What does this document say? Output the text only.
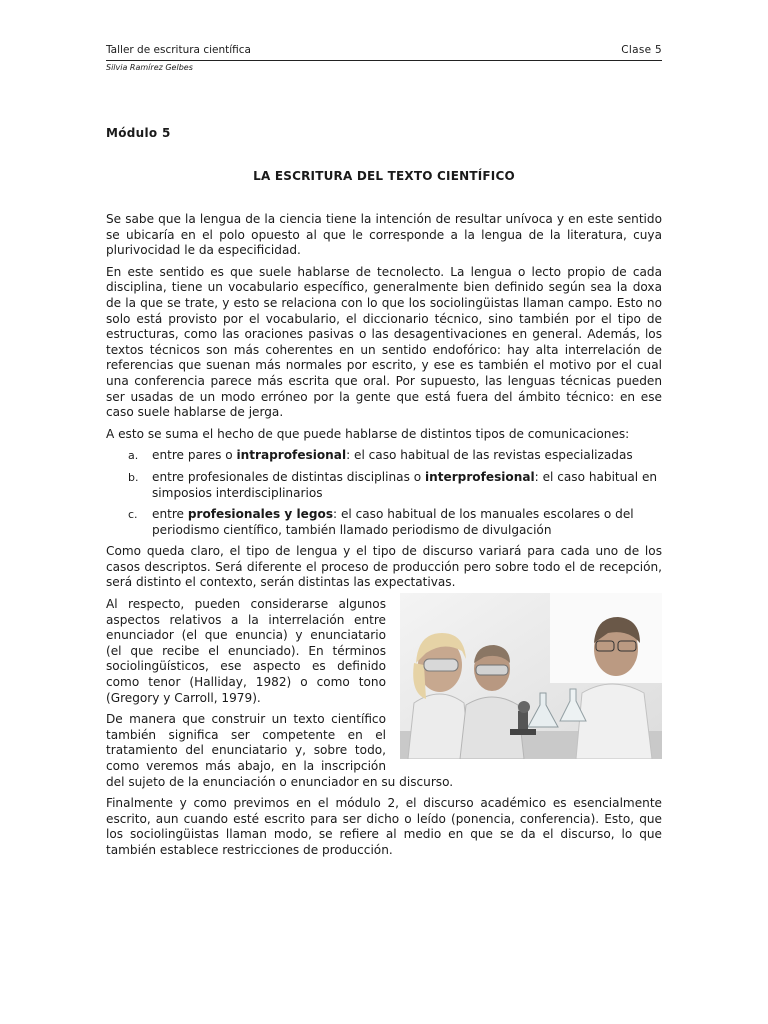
Taller de escritura científica	Clase 5
Silvia Ramírez Gelbes
Módulo 5
LA ESCRITURA DEL TEXTO CIENTÍFICO

Se sabe que la lengua de la ciencia tiene la intención de resultar unívoca y en este sentido se ubicaría en el polo opuesto al que le corresponde a la lengua de la literatura, cuya plurivocidad le da especificidad.

En este sentido es que suele hablarse de tecnolecto. La lengua o lecto propio de cada disciplina, tiene un vocabulario específico, generalmente bien definido según sea la doxa de la que se trate, y esto se relaciona con lo que los sociolingüistas llaman campo. Esto no solo está provisto por el vocabulario, el diccionario técnico, sino también por el tipo de estructuras, como las oraciones pasivas o las desagentivaciones en general. Además, los textos técnicos son más coherentes en un sentido endofórico: hay alta interrelación de referencias que suenan más normales por escrito, y ese es también el motivo por el cual una conferencia parece más escrita que oral. Por supuesto, las lenguas técnicas pueden ser usadas de un modo erróneo por la gente que está fuera del ámbito técnico: en ese caso suele hablarse de jerga.

A esto se suma el hecho de que puede hablarse de distintos tipos de comunicaciones:

a. entre pares o intraprofesional: el caso habitual de las revistas especializadas
b. entre profesionales de distintas disciplinas o interprofesional: el caso habitual en simposios interdisciplinarios
c. entre profesionales y legos: el caso habitual de los manuales escolares o del periodismo científico, también llamado periodismo de divulgación

Como queda claro, el tipo de lengua y el tipo de discurso variará para cada uno de los casos descriptos. Será diferente el proceso de producción pero sobre todo el de recepción, será distinto el contexto, serán distintas las expectativas.

Al respecto, pueden considerarse algunos aspectos relativos a la interrelación entre enunciador (el que enuncia) y enunciatario (el que recibe el enunciado). En términos sociolingüísticos, ese aspecto es definido como tenor (Halliday, 1982) o como tono (Gregory y Carroll, 1979).

De manera que construir un texto científico también significa ser competente en el tratamiento del enunciatario y, sobre todo, como veremos más abajo, en la inscripción del sujeto de la enunciación o enunciador en su discurso.

Finalmente y como previmos en el módulo 2, el discurso académico es esencialmente escrito, aun cuando esté escrito para ser dicho o leído (ponencia, conferencia). Esto, que los sociolingüistas llaman modo, se refiere al medio en que se da el discurso, lo que también establece restricciones de producción.
